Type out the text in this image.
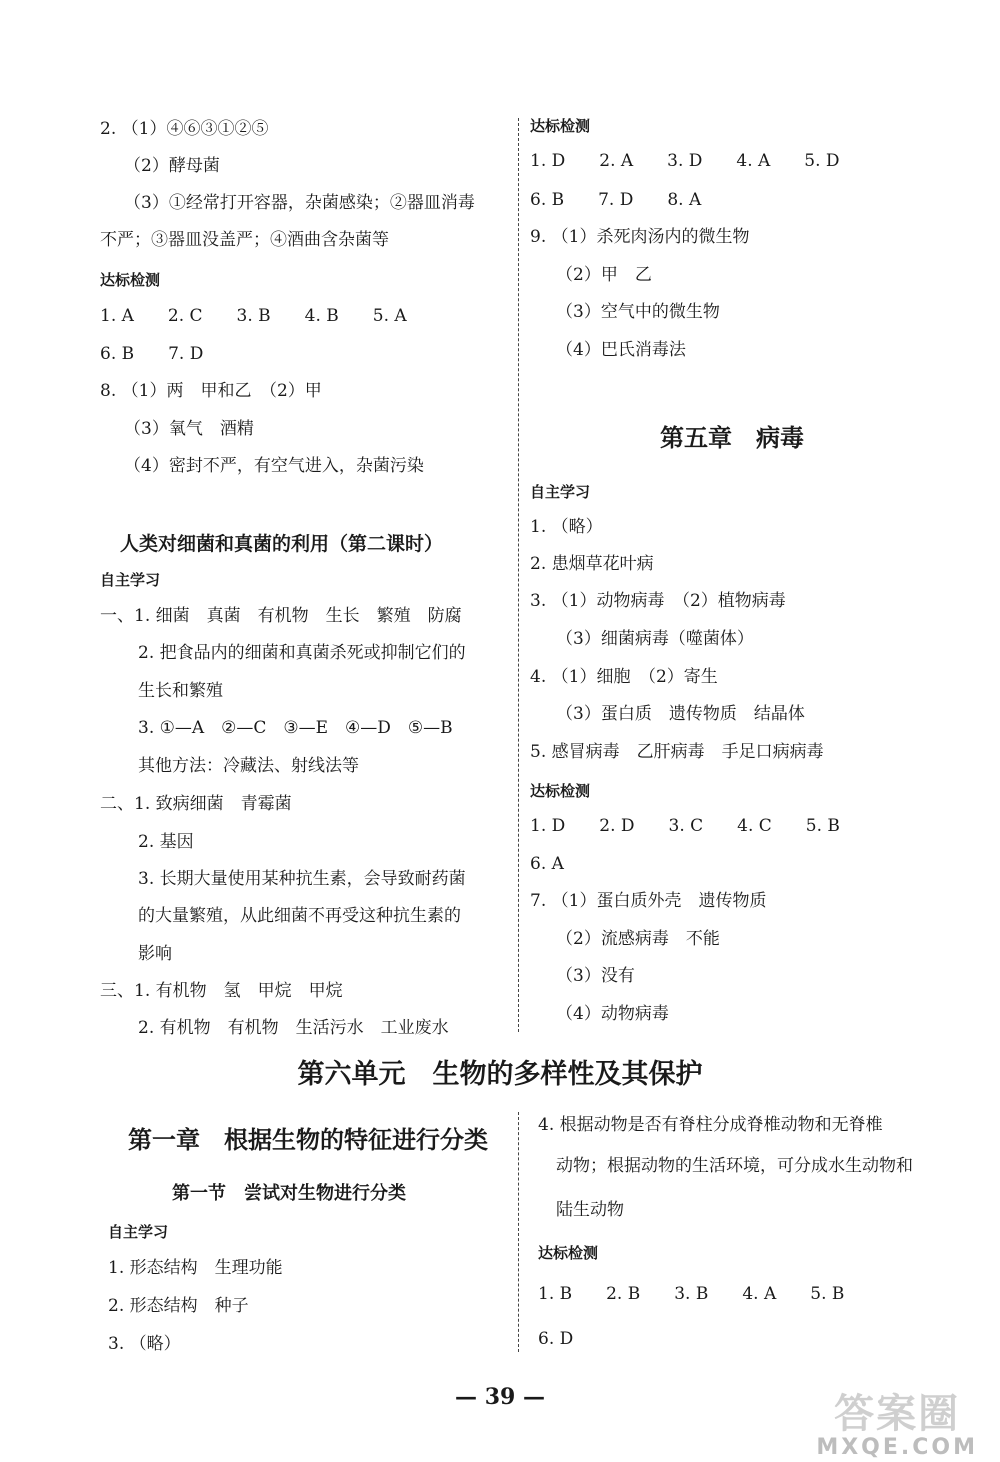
2. （1）④⑥③①②⑤
（2）酵母菌
（3）①经常打开容器，杂菌感染；②器皿消毒
不严；③器皿没盖严；④酒曲含杂菌等
达标检测
1. A　　2. C　　3. B　　4. B　　5. A
6. B　　7. D
8. （1）两　甲和乙　（2）甲
（3）氧气　酒精
（4）密封不严，有空气进入，杂菌污染
人类对细菌和真菌的利用（第二课时）
自主学习
一、1. 细菌　真菌　有机物　生长　繁殖　防腐
2. 把食品内的细菌和真菌杀死或抑制它们的
生长和繁殖
3. ①—A　②—C　③—E　④—D　⑤—B
其他方法：冷藏法、射线法等
二、1. 致病细菌　青霉菌
2. 基因
3. 长期大量使用某种抗生素，会导致耐药菌
的大量繁殖，从此细菌不再受这种抗生素的
影响
三、1. 有机物　氢　甲烷　甲烷
2. 有机物　有机物　生活污水　工业废水
达标检测
1. D　　2. A　　3. D　　4. A　　5. D
6. B　　7. D　　8. A
9. （1）杀死肉汤内的微生物
（2）甲　乙
（3）空气中的微生物
（4）巴氏消毒法
第五章　病毒
自主学习
1. （略）
2. 患烟草花叶病
3. （1）动物病毒　（2）植物病毒
（3）细菌病毒（噬菌体）
4. （1）细胞　（2）寄生
（3）蛋白质　遗传物质　结晶体
5. 感冒病毒　乙肝病毒　手足口病病毒
达标检测
1. D　　2. D　　3. C　　4. C　　5. B
6. A
7. （1）蛋白质外壳　遗传物质
（2）流感病毒　不能
（3）没有
（4）动物病毒
第六单元　生物的多样性及其保护
第一章　根据生物的特征进行分类
第一节　尝试对生物进行分类
自主学习
1. 形态结构　生理功能
2. 形态结构　种子
3. （略）
4. 根据动物是否有脊柱分成脊椎动物和无脊椎
动物；根据动物的生活环境，可分成水生动物和
陆生动物
达标检测
1. B　　2. B　　3. B　　4. A　　5. B
6. D
— 39 —	答案圈
MXQE.COM
